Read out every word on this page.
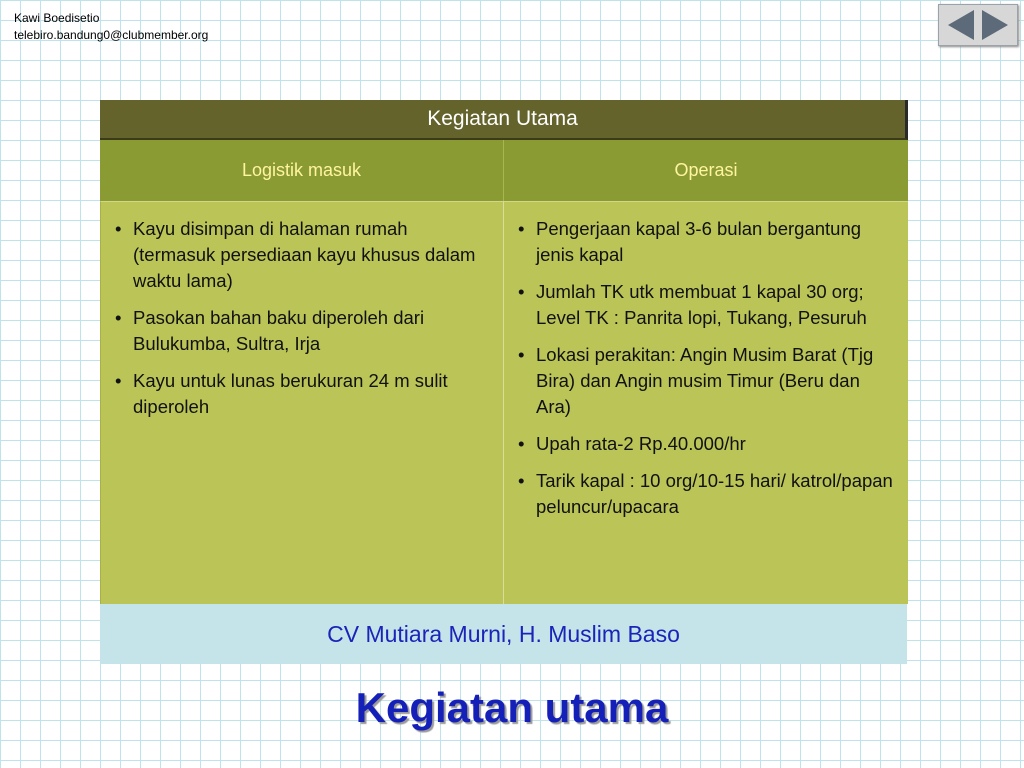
Kawi Boedisetio
telebiro.bandung0@clubmember.org
Kegiatan Utama
Logistik masuk	Operasi
• Kayu disimpan di halaman rumah (termasuk persediaan kayu khusus dalam waktu lama)
• Pasokan bahan baku diperoleh dari Bulukumba, Sultra, Irja
• Kayu untuk lunas berukuran 24 m sulit diperoleh
• Pengerjaan kapal 3-6 bulan bergantung jenis kapal
• Jumlah TK utk membuat 1 kapal 30 org; Level TK : Panrita lopi, Tukang, Pesuruh
• Lokasi perakitan: Angin Musim Barat (Tjg Bira) dan Angin musim Timur (Beru dan Ara)
• Upah rata-2 Rp.40.000/hr
• Tarik kapal : 10 org/10-15 hari/ katrol/papan peluncur/upacara
CV Mutiara Murni, H. Muslim Baso
Kegiatan utama
